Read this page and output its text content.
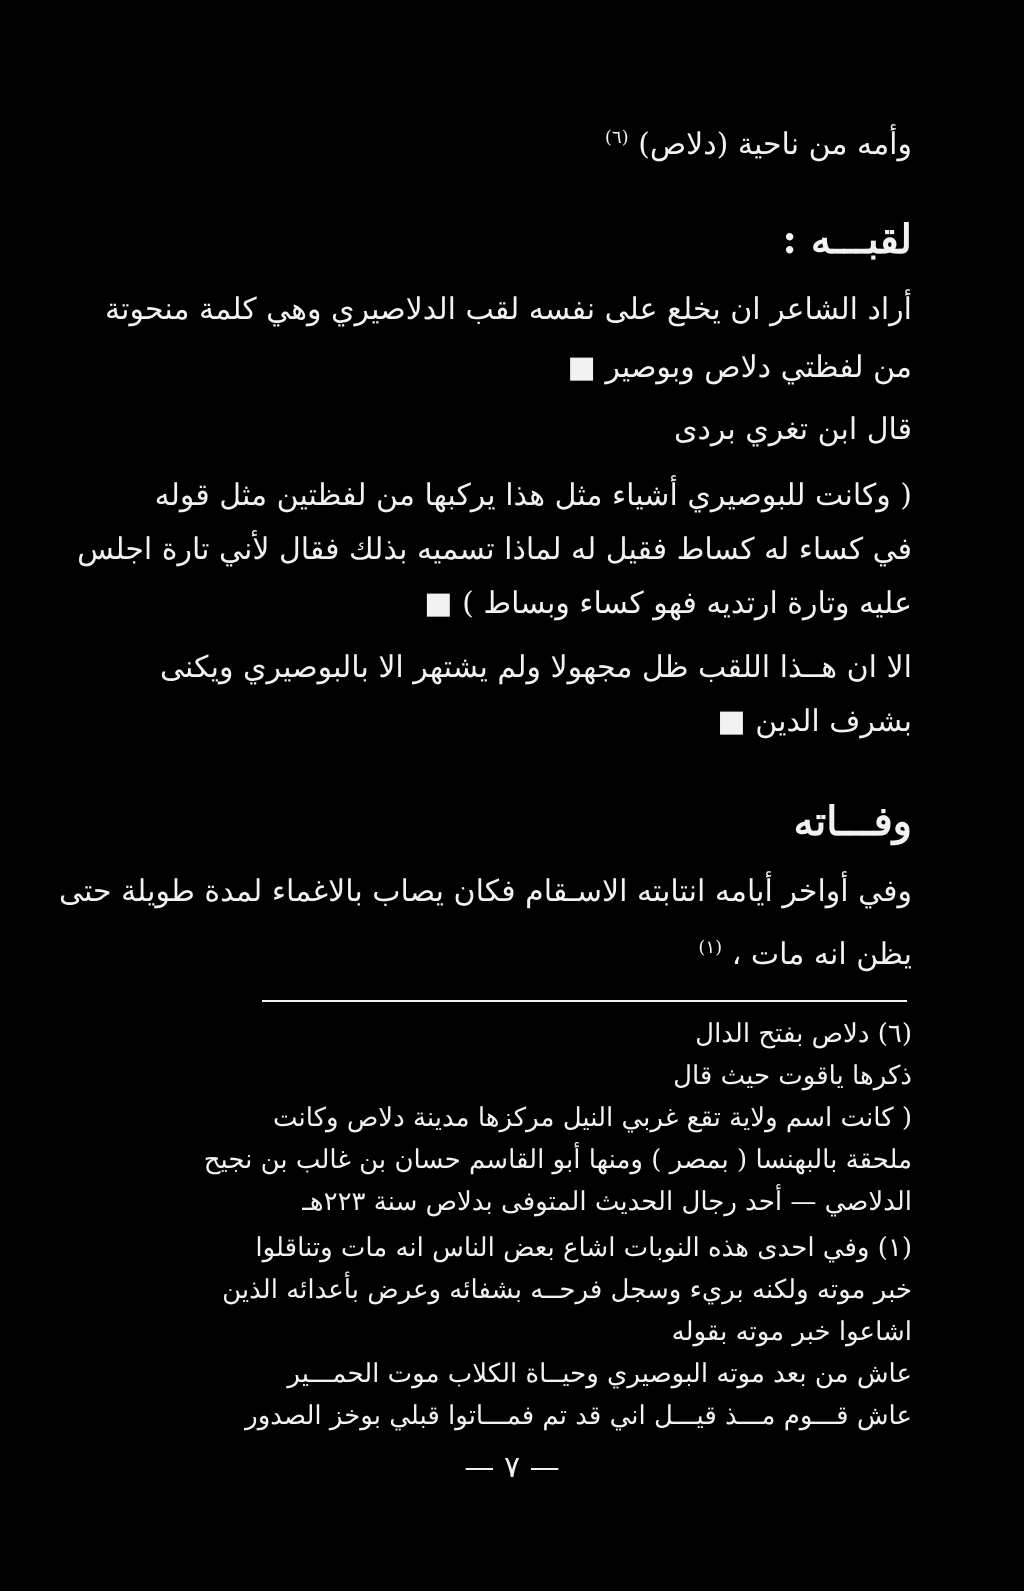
وأمه من ناحية (دلاص) $^{(٦)}$
لقبـــه :
أراد الشاعر ان يخلع على نفسه لقب الدلاصيري وهي كلمة منحوتة
من لفظتي دلاص وبوصير ■
قال ابن تغري بردى
( وكانت للبوصيري أشياء مثل هذا يركبها من لفظتين مثل قوله
في كساء له كساط فقيل له لماذا تسميه بذلك فقال لأني تارة اجلس
عليه وتارة ارتديه فهو كساء وبساط ) ■
الا ان هــذا اللقب ظل مجهولا ولم يشتهر الا بالبوصيري ويكنى
بشرف الدين ■
وفـــاته
وفي أواخر أيامه انتابته الاسـقام فكان يصاب بالاغماء لمدة طويلة حتى
يظن انه مات ، $^{(١)}$
(٦) دلاص بفتح الدال
ذكرها ياقوت حيث قال
( كانت اسم ولاية تقع غربي النيل مركزها مدينة دلاص وكانت
ملحقة بالبهنسا ( بمصر ) ومنها أبو القاسم حسان بن غالب بن نجيح
الدلاصي — أحد رجال الحديث المتوفى بدلاص سنة ٢٢٣هـ
(١) وفي احدى هذه النوبات اشاع بعض الناس انه مات وتناقلوا
خبر موته ولكنه بريء وسجل فرحــه بشفائه وعرض بأعدائه الذين
اشاعوا خبر موته بقوله
عاش من بعد موته البوصيري وحيــاة الكلاب موت الحمـــير
عاش قـــوم مـــذ قيـــل اني قد تم فمـــاتوا قبلي بوخز الصدور
— ٧ —
